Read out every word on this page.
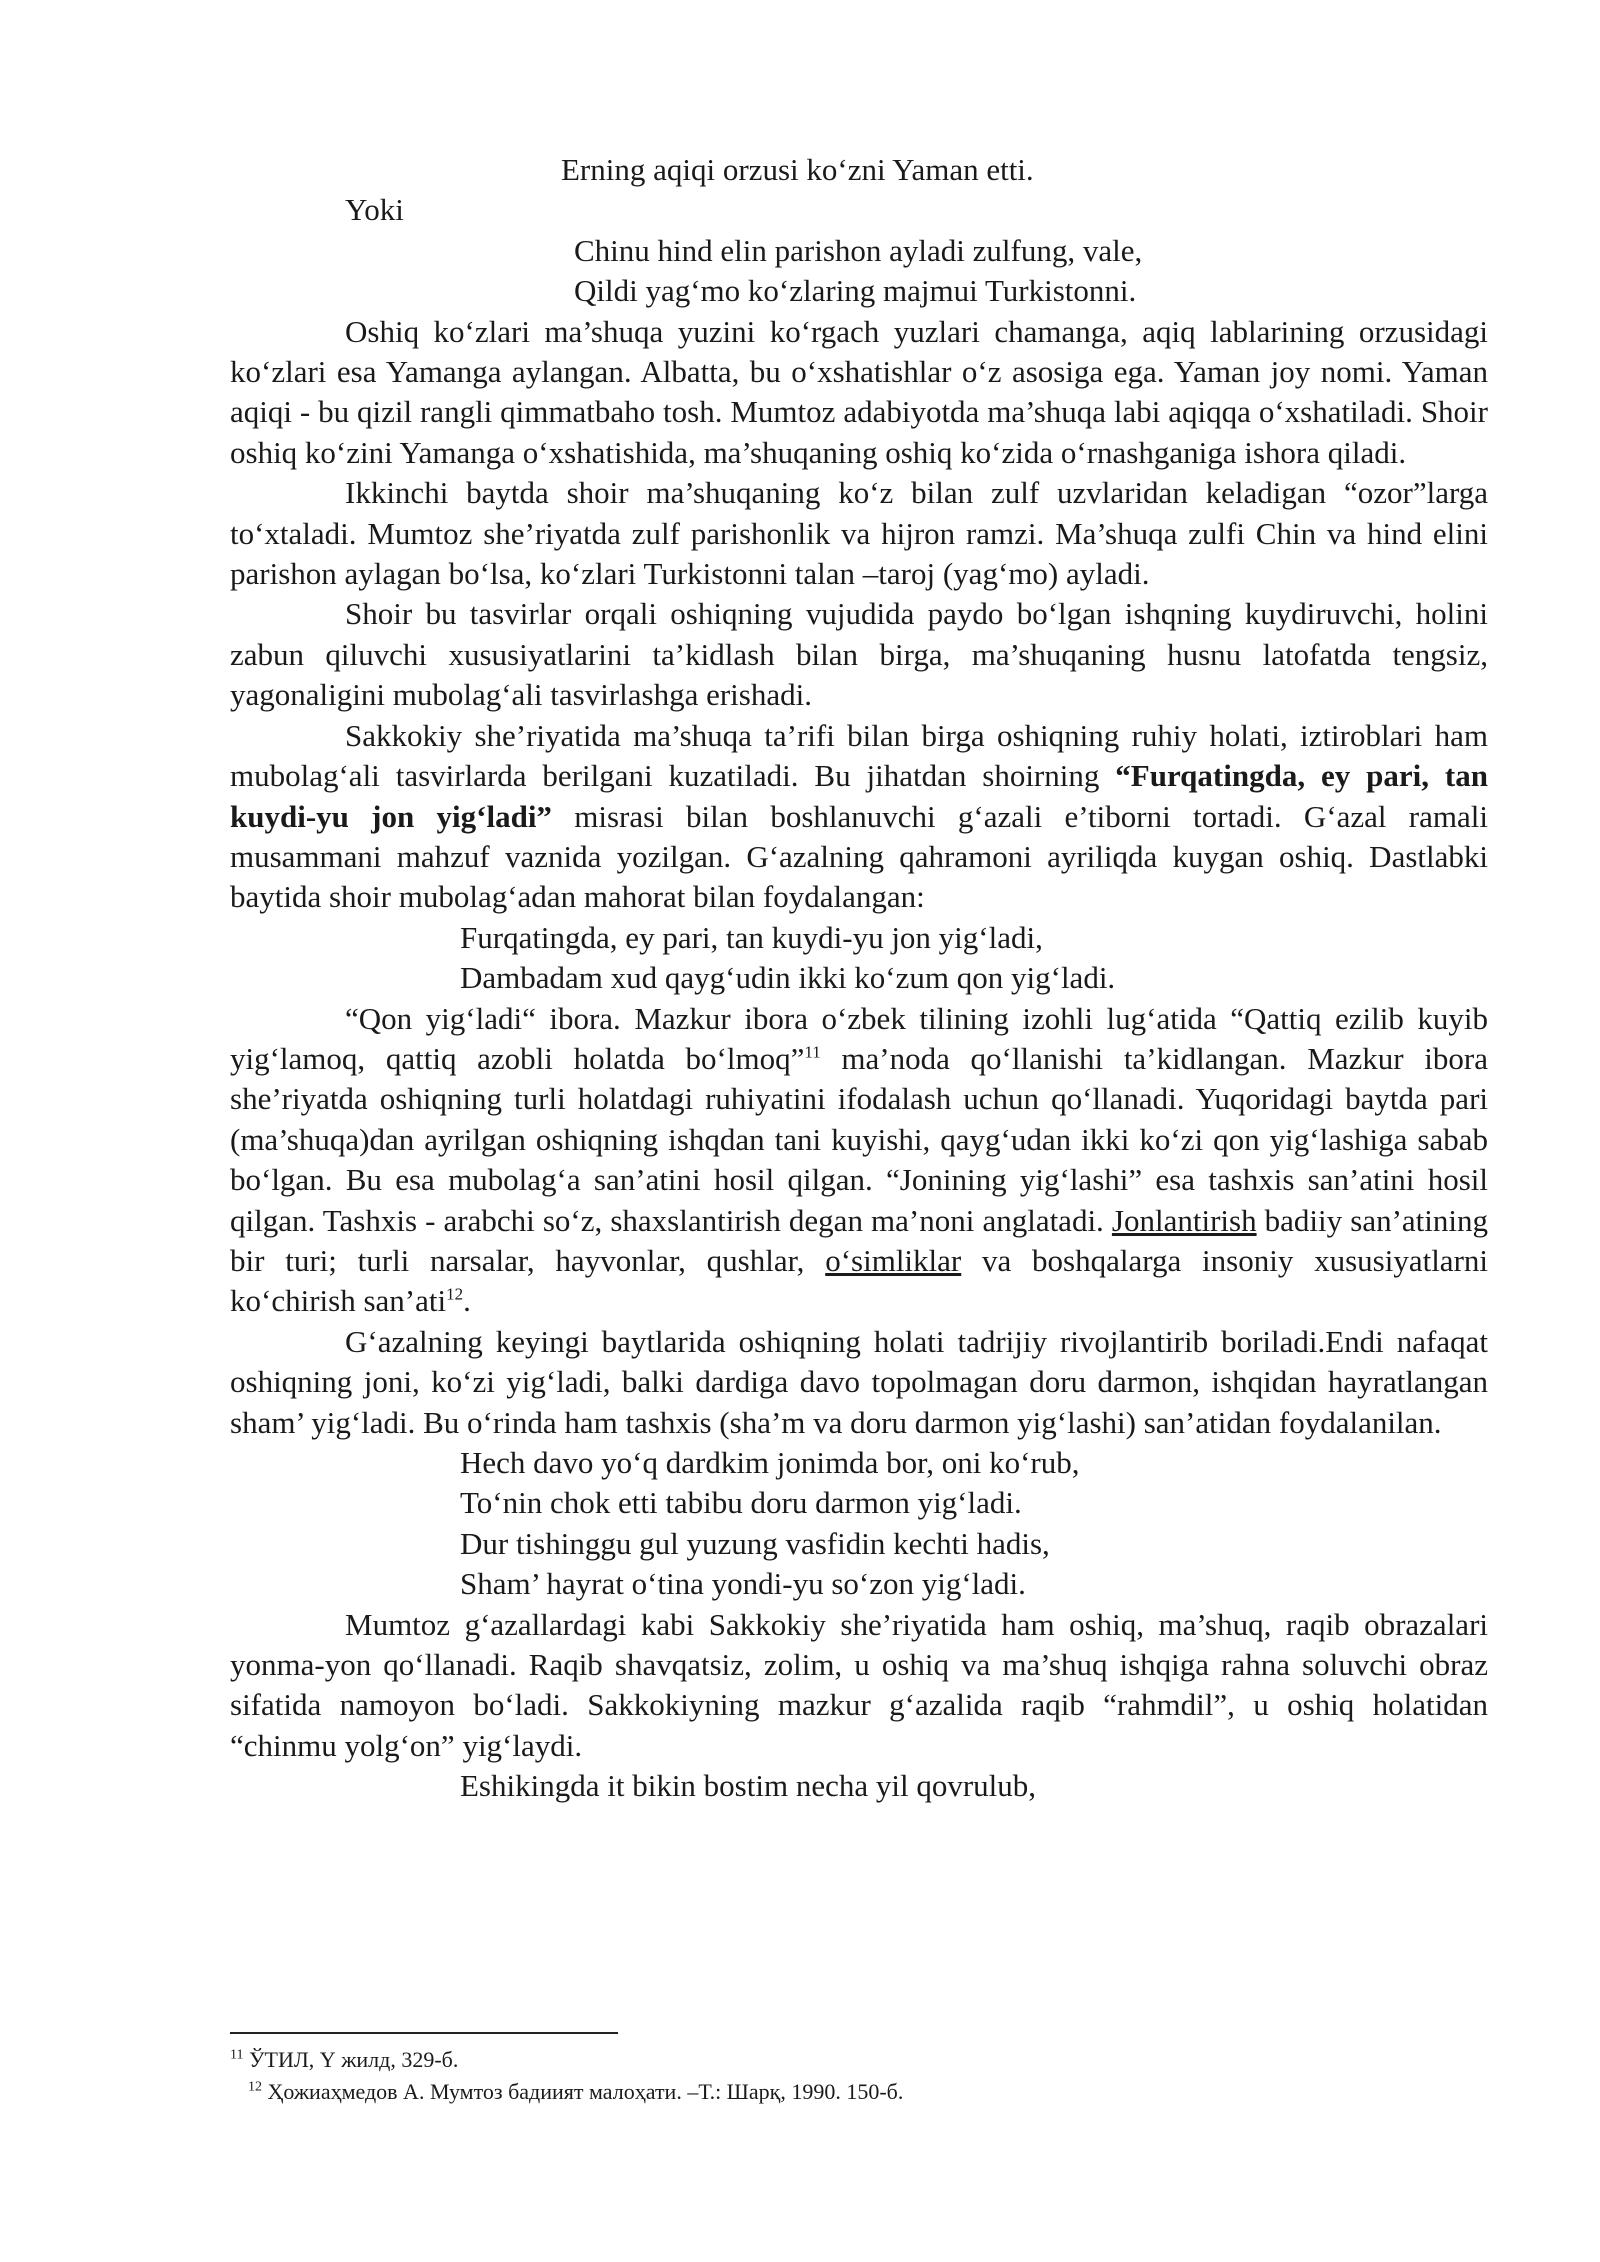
Erning aqiqi orzusi ko‘zni Yaman etti.
Yoki
Chinu hind elin parishon ayladi zulfung, vale,
Qildi yag‘mo ko‘zlaring majmui Turkistonni.

Oshiq ko‘zlari ma’shuqa yuzini ko‘rgach yuzlari chamanga, aqiq lablarining orzusidagi ko‘zlari esa Yamanga aylangan. Albatta, bu o‘xshatishlar o‘z asosiga ega. Yaman joy nomi. Yaman aqiqi - bu qizil rangli qimmatbaho tosh. Mumtoz adabiyotda ma’shuqa labi aqiqqa o‘xshatiladi. Shoir oshiq ko‘zini Yamanga o‘xshatishida, ma’shuqaning oshiq ko‘zida o‘rnashganiga ishora qiladi.

Ikkinchi baytda shoir ma’shuqaning ko‘z bilan zulf uzvlaridan keladigan “ozor”larga to‘xtaladi. Mumtoz she’riyatda zulf parishonlik va hijron ramzi. Ma’shuqa zulfi Chin va hind elini parishon aylagan bo‘lsa, ko‘zlari Turkistonni talan –taroj (yag‘mo) ayladi.

Shoir bu tasvirlar orqali oshiqning vujudida paydo bo‘lgan ishqning kuydiruvchi, holini zabun qiluvchi xususiyatlarini ta’kidlash bilan birga, ma’shuqaning husnu latofatda tengsiz, yagonaligini mubolag‘ali tasvirlashga erishadi.

Sakkokiy she’riyatida ma’shuqa ta’rifi bilan birga oshiqning ruhiy holati, iztiroblari ham mubolag‘ali tasvirlarda berilgani kuzatiladi. Bu jihatdan shoirning “Furqatingda, ey pari, tan kuydi-yu jon yig‘ladi” misrasi bilan boshlanuvchi g‘azali e’tiborni tortadi. G‘azal ramali musammani mahzuf vaznida yozilgan. G‘azalning qahramoni ayriliqda kuygan oshiq. Dastlabki baytida shoir mubolag‘adan mahorat bilan foydalangan:

Furqatingda, ey pari, tan kuydi-yu jon yig‘ladi,
Dambadam xud qayg‘udin ikki ko‘zum qon yig‘ladi.

“Qon yig‘ladi“ ibora. Mazkur ibora o‘zbek tilining izohli lug‘atida “Qattiq ezilib kuyib yig‘lamoq, qattiq azobli holatda bo‘lmoq”$^{11}$ ma’noda qo‘llanishi ta’kidlangan. Mazkur ibora she’riyatda oshiqning turli holatdagi ruhiyatini ifodalash uchun qo‘llanadi. Yuqoridagi baytda pari (ma’shuqa)dan ayrilgan oshiqning ishqdan tani kuyishi, qayg‘udan ikki ko‘zi qon yig‘lashiga sabab bo‘lgan. Bu esa mubolag‘a san’atini hosil qilgan. “Jonining yig‘lashi” esa tashxis san’atini hosil qilgan. Tashxis - arabchi so‘z, shaxslantirish degan ma’noni anglatadi. Jonlantirish badiiy san’atining bir turi; turli narsalar, hayvonlar, qushlar, o‘simliklar va boshqalarga insoniy xususiyatlarni ko‘chirish san’ati$^{12}$.

G‘azalning keyingi baytlarida oshiqning holati tadrijiy rivojlantirib boriladi.Endi nafaqat oshiqning joni, ko‘zi yig‘ladi, balki dardiga davo topolmagan doru darmon, ishqidan hayratlangan sham’ yig‘ladi. Bu o‘rinda ham tashxis (sha’m va doru darmon yig‘lashi) san’atidan foydalanilan.

Hech davo yo‘q dardkim jonimda bor, oni ko‘rub,
To‘nin chok etti tabibu doru darmon yig‘ladi.
Dur tishinggu gul yuzung vasfidin kechti hadis,
Sham’ hayrat o‘tina yondi-yu so‘zon yig‘ladi.

Mumtoz g‘azallardagi kabi Sakkokiy she’riyatida ham oshiq, ma’shuq, raqib obrazalari yonma-yon qo‘llanadi. Raqib shavqatsiz, zolim, u oshiq va ma’shuq ishqiga rahna soluvchi obraz sifatida namoyon bo‘ladi. Sakkokiyning mazkur g‘azalida raqib “rahmdil”, u oshiq holatidan “chinmu yolg‘on” yig‘laydi.

Eshikingda it bikin bostim necha yil qovrulub,
$^{11}$ ЎТИЛ, Ү жилд, 329-б.
$^{12}$ Ҳожиаҳмедов А. Мумтоз бадиият малоҳати. –Т.: Шарқ, 1990. 150-б.
